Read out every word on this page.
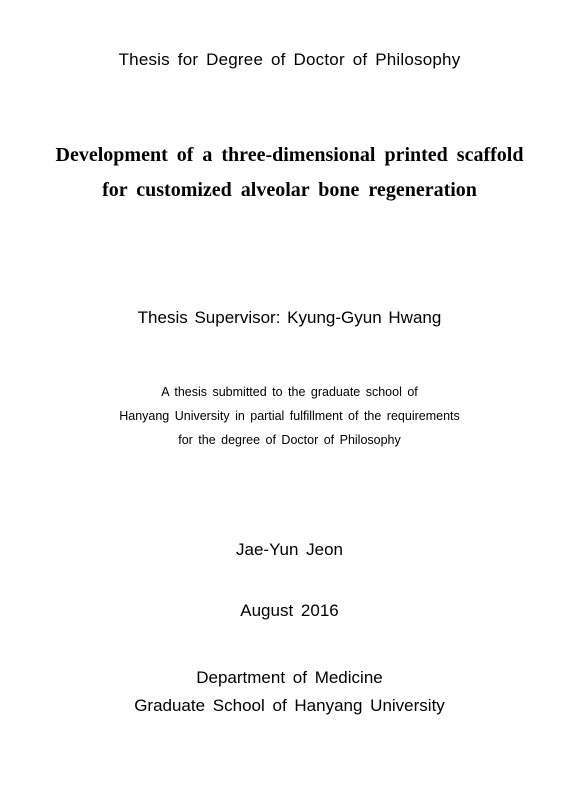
Thesis for Degree of Doctor of Philosophy
Development of a three-dimensional printed scaffold
for customized alveolar bone regeneration
Thesis Supervisor: Kyung-Gyun Hwang
A thesis submitted to the graduate school of
Hanyang University in partial fulfillment of the requirements
for the degree of Doctor of Philosophy
Jae-Yun Jeon
August 2016
Department of Medicine
Graduate School of Hanyang University
